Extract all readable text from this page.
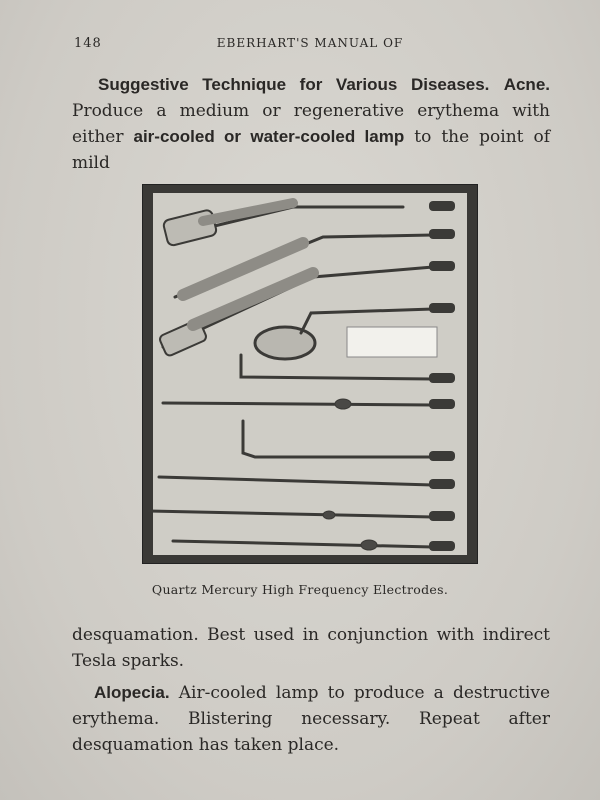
148	EBERHART'S MANUAL OF

Suggestive Technique for Various Diseases. Acne. Produce a medium or regenerative erythema with either air-cooled or water-cooled lamp to the point of mild

Quartz Mercury High Frequency Electrodes.

desquamation. Best used in conjunction with indirect Tesla sparks.

Alopecia. Air-cooled lamp to produce a destructive erythema. Blistering necessary. Repeat after desquamation has taken place.
